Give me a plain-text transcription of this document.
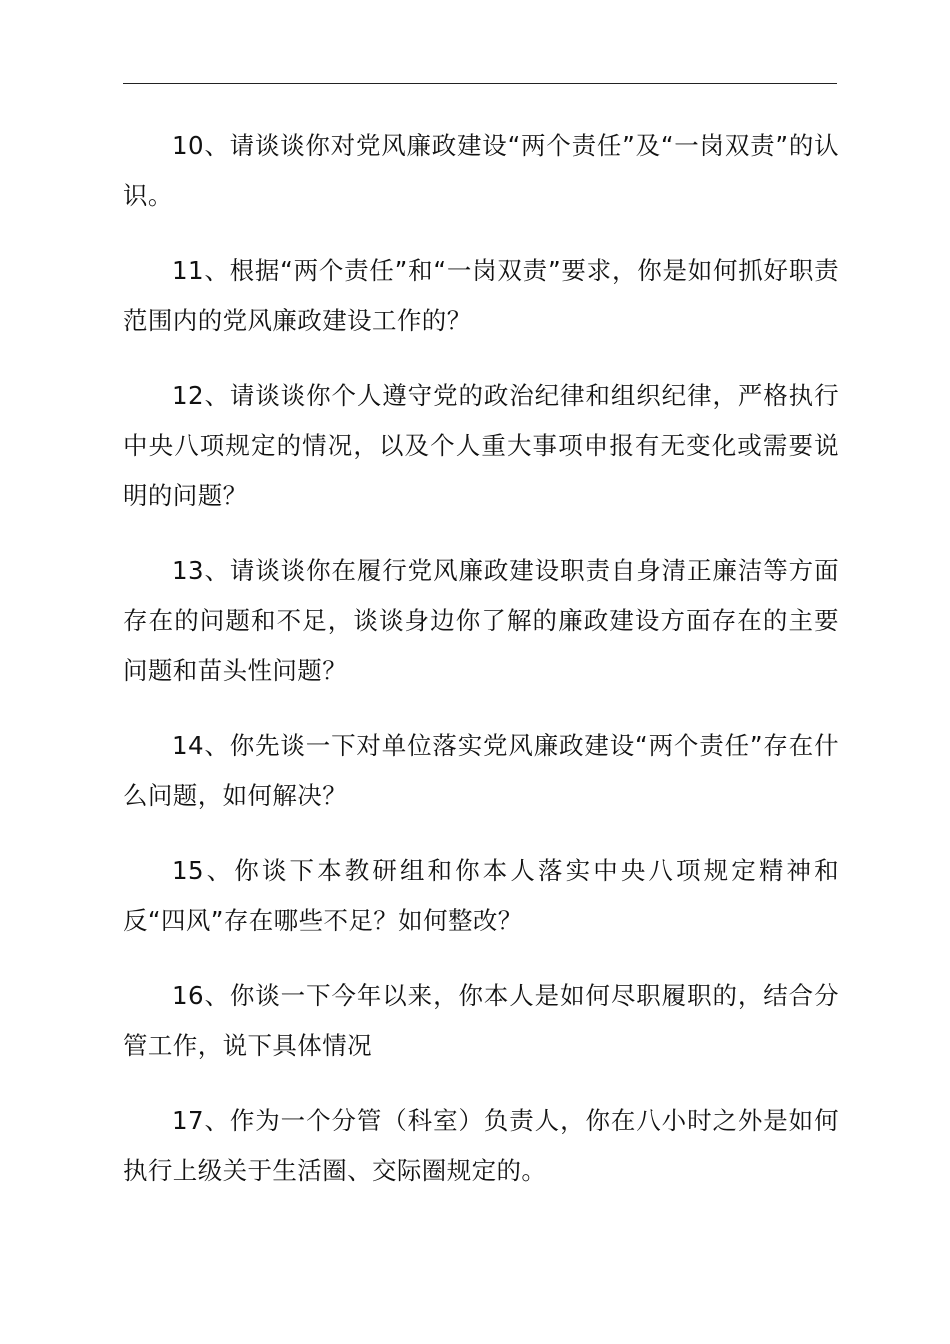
10、请谈谈你对党风廉政建设“两个责任”及“一岗双责”的认识。

11、根据“两个责任”和“一岗双责”要求，你是如何抓好职责范围内的党风廉政建设工作的？

12、请谈谈你个人遵守党的政治纪律和组织纪律，严格执行中央八项规定的情况，以及个人重大事项申报有无变化或需要说明的问题？

13、请谈谈你在履行党风廉政建设职责自身清正廉洁等方面存在的问题和不足，谈谈身边你了解的廉政建设方面存在的主要问题和苗头性问题？

14、你先谈一下对单位落实党风廉政建设“两个责任”存在什么问题，如何解决？

15、你谈下本教研组和你本人落实中央八项规定精神和反“四风”存在哪些不足？如何整改？

16、你谈一下今年以来，你本人是如何尽职履职的，结合分管工作，说下具体情况

17、作为一个分管（科室）负责人，你在八小时之外是如何执行上级关于生活圈、交际圈规定的。
